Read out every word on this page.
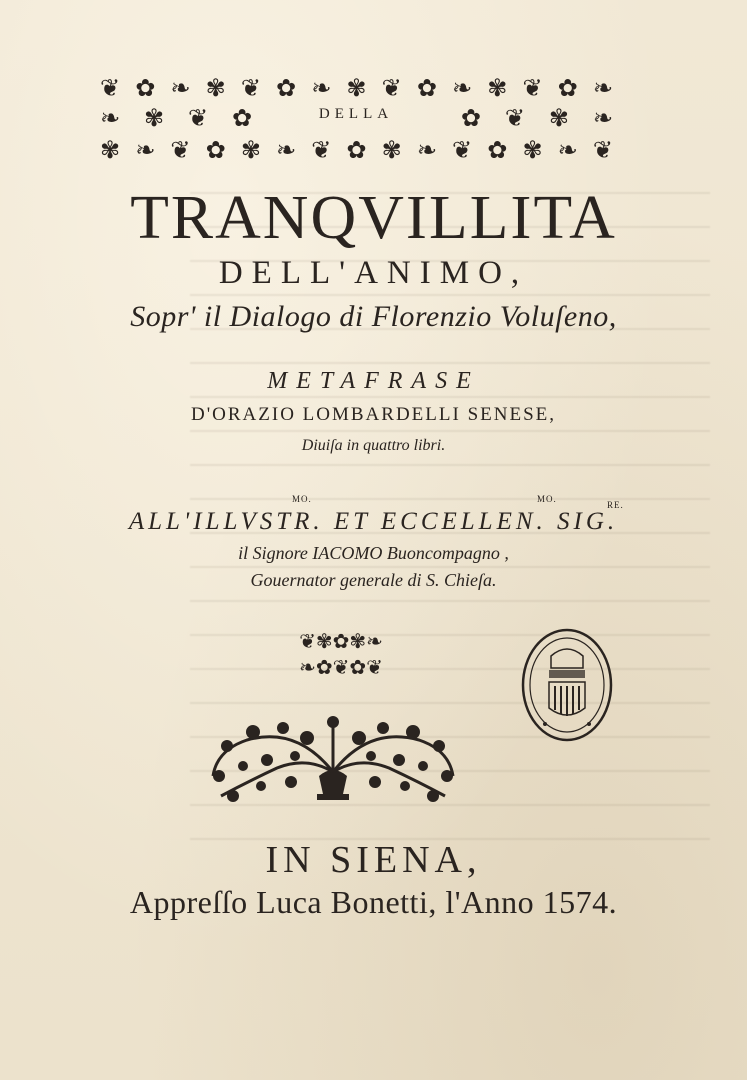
❦ ✿ ❧ ✾ ❦ ✿ ❧ ✾ ❦ ✿ ❧ ✾ ❦ ✿ ❧
❧ ✾ ❦ ✿	✿ ❦ ✾ ❧
✾ ❧ ❦ ✿ ✾ ❧ ❦ ✿ ✾ ❧ ❦ ✿ ✾ ❧ ❦
DELLA
TRANQVILLITA
DELL'ANIMO,
Sopr' il Dialogo di Florenzio Voluſeno,
METAFRASE
D'ORAZIO LOMBARDELLI SENESE,
Diuiſa in quattro libri.
MO.	MO.
RE.
ALL'ILLVSTR. ET ECCELLEN. SIG.
il Signore IACOMO Buoncompagno ,
Gouernator generale di S. Chieſa.
❦✾✿✾❧
❧✿❦✿❦
IN SIENA,
Appreſſo Luca Bonetti, l'Anno 1574.
